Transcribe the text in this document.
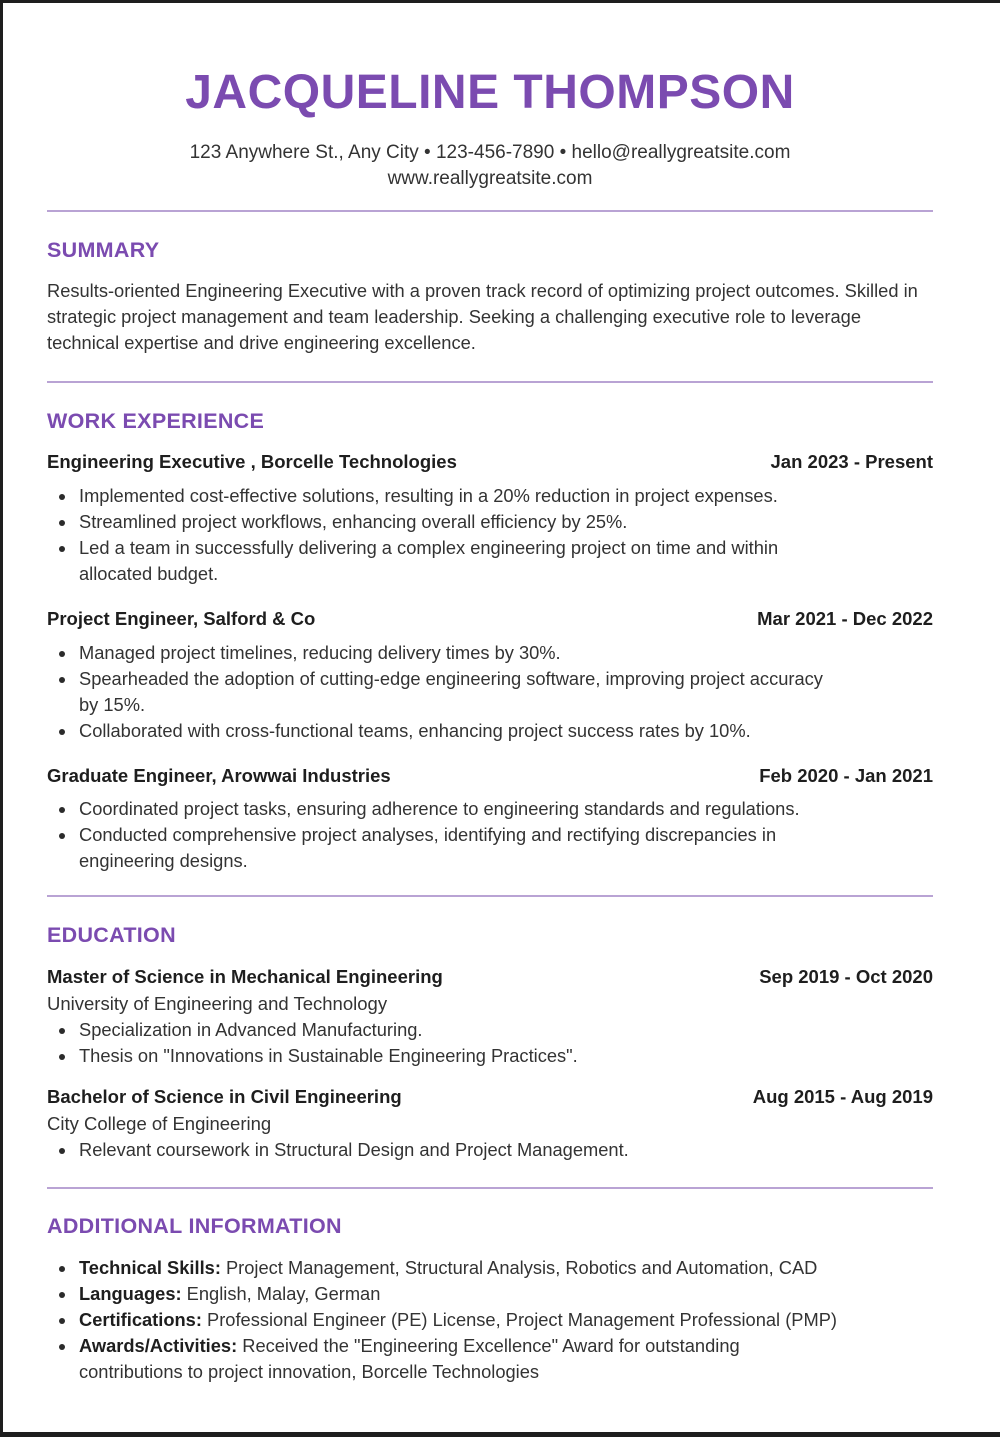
JACQUELINE THOMPSON
123 Anywhere St., Any City • 123-456-7890 • hello@reallygreatsite.com
www.reallygreatsite.com
SUMMARY

Results-oriented Engineering Executive with a proven track record of optimizing project outcomes. Skilled in strategic project management and team leadership. Seeking a challenging executive role to leverage technical expertise and drive engineering excellence.

WORK EXPERIENCE
Engineering Executive , Borcelle Technologies	Jan 2023 - Present
Implemented cost-effective solutions, resulting in a 20% reduction in project expenses.
Streamlined project workflows, enhancing overall efficiency by 25%.
Led a team in successfully delivering a complex engineering project on time and within allocated budget.
Project Engineer, Salford & Co	Mar 2021 - Dec 2022
Managed project timelines, reducing delivery times by 30%.
Spearheaded the adoption of cutting-edge engineering software, improving project accuracy by 15%.
Collaborated with cross-functional teams, enhancing project success rates by 10%.
Graduate Engineer, Arowwai Industries	Feb 2020 - Jan 2021
Coordinated project tasks, ensuring adherence to engineering standards and regulations.
Conducted comprehensive project analyses, identifying and rectifying discrepancies in engineering designs.
EDUCATION
Master of Science in Mechanical Engineering	Sep 2019 - Oct 2020
University of Engineering and Technology
Specialization in Advanced Manufacturing.
Thesis on "Innovations in Sustainable Engineering Practices".
Bachelor of Science in Civil Engineering	Aug 2015 - Aug 2019
City College of Engineering
Relevant coursework in Structural Design and Project Management.
ADDITIONAL INFORMATION
Technical Skills: Project Management, Structural Analysis, Robotics and Automation, CAD
Languages: English, Malay, German
Certifications: Professional Engineer (PE) License, Project Management Professional (PMP)
Awards/Activities: Received the "Engineering Excellence" Award for outstanding contributions to project innovation, Borcelle Technologies
